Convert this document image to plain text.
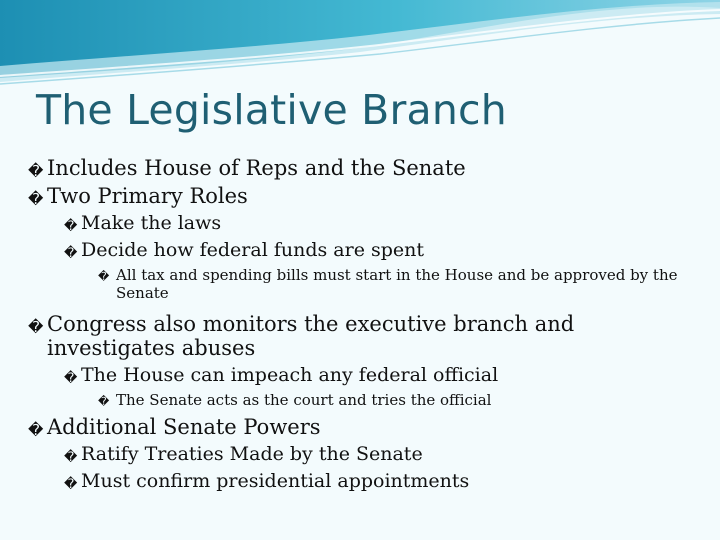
The Legislative Branch
� Includes House of Reps and the Senate
� Two Primary Roles
� Make the laws
� Decide how federal funds are spent
� All tax and spending bills must start in the House and be approved by the Senate
� Congress also monitors the executive branch and investigates abuses
� The House can impeach any federal official
� The Senate acts as the court and tries the official
� Additional Senate Powers
� Ratify Treaties Made by the Senate
� Must confirm presidential appointments
